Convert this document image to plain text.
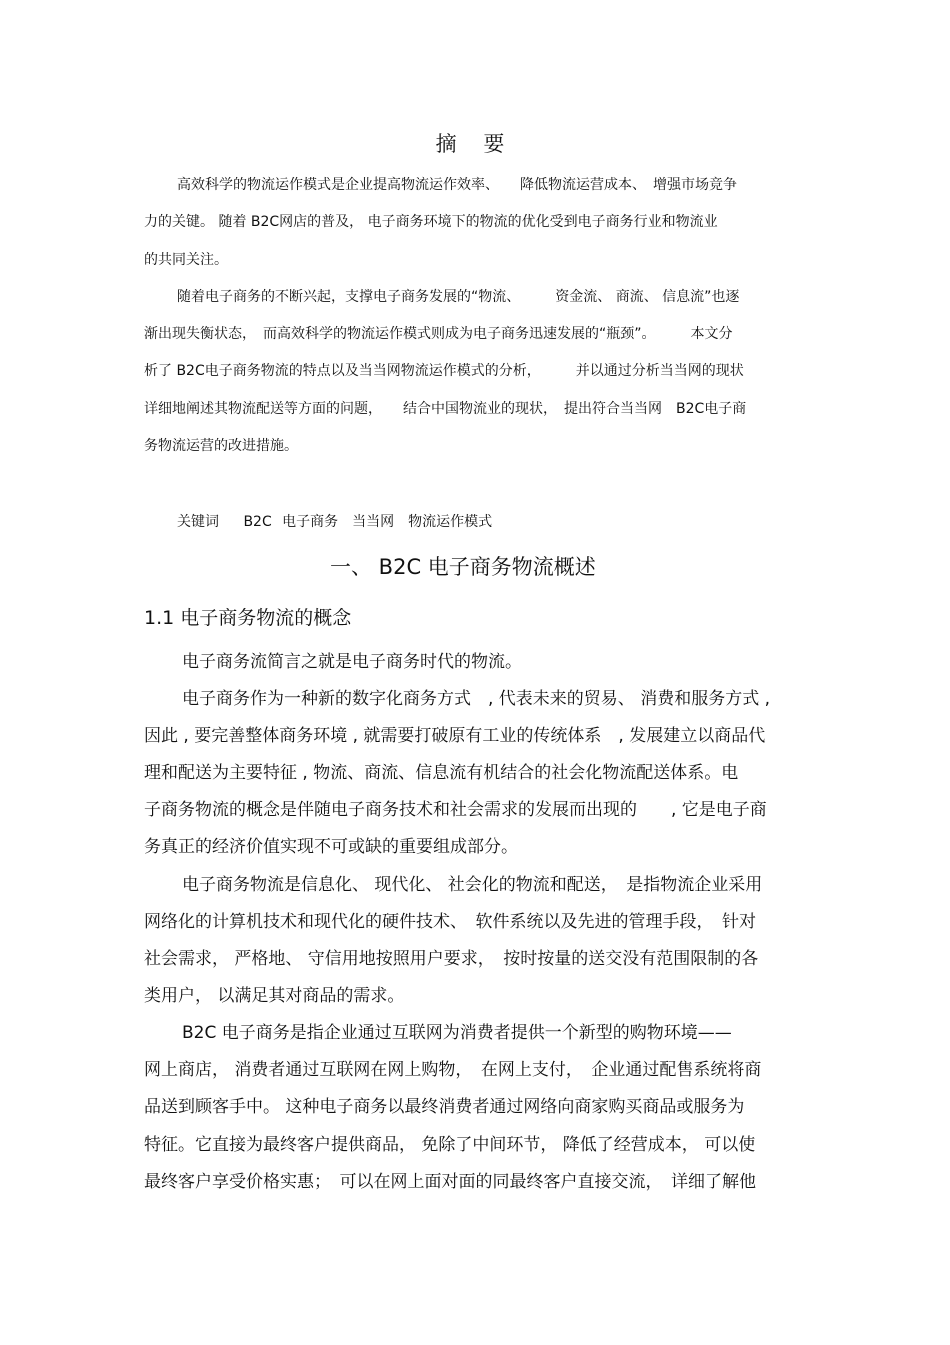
摘 要

高效科学的物流运作模式是企业提高物流运作效率、　　降低物流运营成本、　增强市场竞争

力的关键。 随着 B2C网店的普及， 电子商务环境下的物流的优化受到电子商务行业和物流业

的共同关注。

随着电子商务的不断兴起，支撑电子商务发展的“物流、　　　资金流、 商流、 信息流”也逐

渐出现失衡状态，　而高效科学的物流运作模式则成为电子商务迅速发展的“瓶颈”。　　　本文分

析了 B2C电子商务物流的特点以及当当网物流运作模式的分析，　　　并以通过分析当当网的现状

详细地阐述其物流配送等方面的问题，　　结合中国物流业的现状，　提出符合当当网　B2C电子商

务物流运营的改进措施。

关键词 　B2C 电子商务　当当网　物流运作模式
一、 B2C 电子商务物流概述
1.1 电子商务物流的概念

电子商务流简言之就是电子商务时代的物流。

电子商务作为一种新的数字化商务方式　, 代表未来的贸易、 消费和服务方式 ,

因此 , 要完善整体商务环境 , 就需要打破原有工业的传统体系　, 发展建立以商品代

理和配送为主要特征 , 物流、商流、信息流有机结合的社会化物流配送体系。电

子商务物流的概念是伴随电子商务技术和社会需求的发展而出现的　　, 它是电子商

务真正的经济价值实现不可或缺的重要组成部分。

电子商务物流是信息化、 现代化、 社会化的物流和配送，　是指物流企业采用

网络化的计算机技术和现代化的硬件技术、　软件系统以及先进的管理手段，　针对

社会需求， 严格地、 守信用地按照用户要求，　按时按量的送交没有范围限制的各

类用户， 以满足其对商品的需求。

B2C 电子商务是指企业通过互联网为消费者提供一个新型的购物环境——

网上商店， 消费者通过互联网在网上购物，　在网上支付，　企业通过配售系统将商

品送到顾客手中。 这种电子商务以最终消费者通过网络向商家购买商品或服务为

特征。它直接为最终客户提供商品， 免除了中间环节， 降低了经营成本， 可以使

最终客户享受价格实惠；　可以在网上面对面的同最终客户直接交流，　详细了解他
